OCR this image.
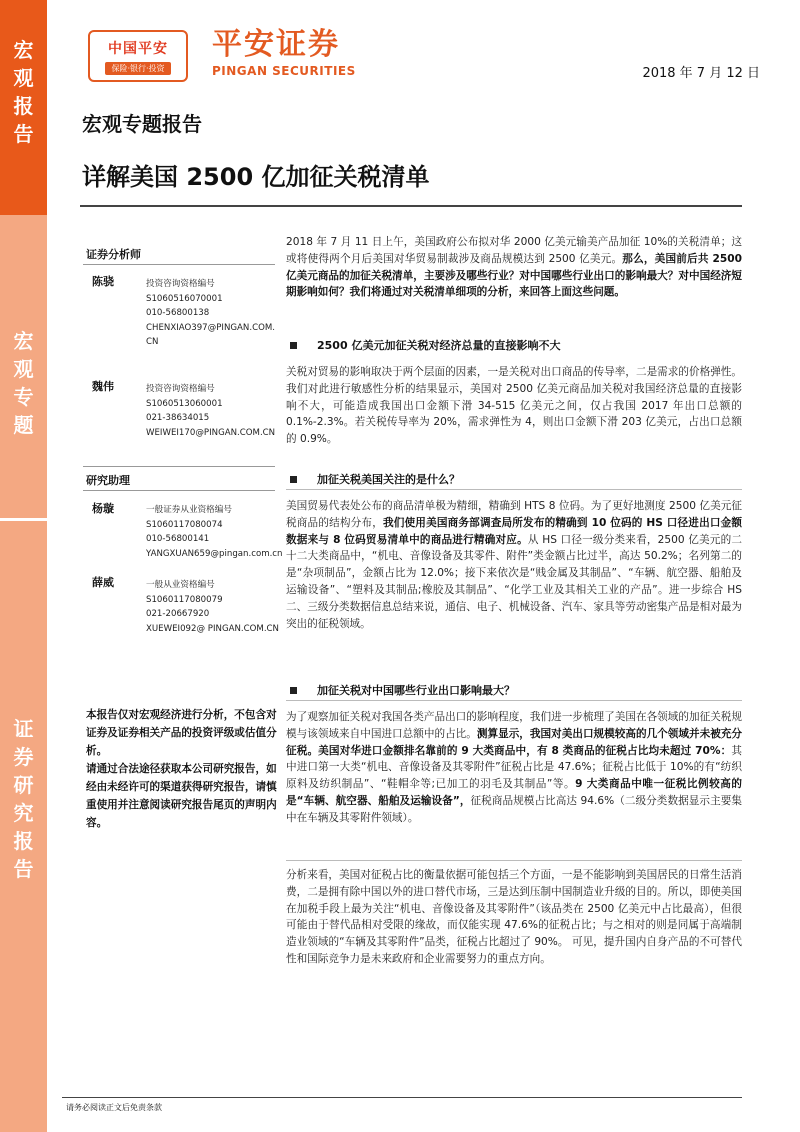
宏
观
报
告
宏
观
专
题
证
券
研
究
报
告
中国平安
保险·银行·投资
平安证券
PINGAN SECURITIES	2018 年 7 月 12 日
宏观专题报告
详解美国 2500 亿加征关税清单
证券分析师
陈骁	投资咨询资格编号
S1060516070001
010-56800138
CHENXIAO397@PINGAN.COM.
CN
魏伟	投资咨询资格编号
S1060513060001
021-38634015
WEIWEI170@PINGAN.COM.CN
研究助理
杨璇	一般证券从业资格编号
S1060117080074
010-56800141
YANGXUAN659@pingan.com.cn
薛威	一般从业资格编号
S1060117080079
021-20667920
XUEWEI092@ PINGAN.COM.CN
本报告仅对宏观经济进行分析，不包含对证券及证券相关产品的投资评级或估值分析。
请通过合法途径获取本公司研究报告，如经由未经许可的渠道获得研究报告，请慎重使用并注意阅读研究报告尾页的声明内容。
2018 年 7 月 11 日上午，美国政府公布拟对华 2000 亿美元输美产品加征 10%的关税清单；这或将使得两个月后美国对华贸易制裁涉及商品规模达到 2500 亿美元。那么，美国前后共 2500 亿美元商品的加征关税清单，主要涉及哪些行业？对中国哪些行业出口的影响最大？对中国经济短期影响如何？我们将通过对关税清单细项的分析，来回答上面这些问题。
2500 亿美元加征关税对经济总量的直接影响不大
关税对贸易的影响取决于两个层面的因素，一是关税对出口商品的传导率，二是需求的价格弹性。我们对此进行敏感性分析的结果显示，美国对 2500 亿美元商品加关税对我国经济总量的直接影响不大，可能造成我国出口金额下滑 34-515 亿美元之间，仅占我国 2017 年出口总额的 0.1%-2.3%。若关税传导率为 20%，需求弹性为 4，则出口金额下滑 203 亿美元，占出口总额的 0.9%。
加征关税美国关注的是什么？
美国贸易代表处公布的商品清单极为精细，精确到 HTS 8 位码。为了更好地测度 2500 亿美元征税商品的结构分布，我们使用美国商务部调查局所发布的精确到 10 位码的 HS 口径进出口金额数据来与 8 位码贸易清单中的商品进行精确对应。从 HS 口径一级分类来看，2500 亿美元的二十二大类商品中，“机电、音像设备及其零件、附件”类金额占比过半，高达 50.2%；名列第二的是“杂项制品”，金额占比为 12.0%；接下来依次是“贱金属及其制品”、“车辆、航空器、船舶及运输设备”、“塑料及其制品;橡胶及其制品”、“化学工业及其相关工业的产品”。进一步综合 HS 二、三级分类数据信息总结来说，通信、电子、机械设备、汽车、家具等劳动密集产品是相对最为突出的征税领域。
加征关税对中国哪些行业出口影响最大？
为了观察加征关税对我国各类产品出口的影响程度，我们进一步梳理了美国在各领域的加征关税规模与该领域来自中国进口总额中的占比。测算显示，我国对美出口规模较高的几个领域并未被充分征税。美国对华进口金额排名靠前的 9 大类商品中，有 8 类商品的征税占比均未超过 70%：其中进口第一大类“机电、音像设备及其零附件”征税占比是 47.6%；征税占比低于 10%的有“纺织原料及纺织制品”、“鞋帽伞等;已加工的羽毛及其制品”等。9 大类商品中唯一征税比例较高的是“车辆、航空器、船舶及运输设备”，征税商品规模占比高达 94.6%（二级分类数据显示主要集中在车辆及其零附件领域）。
分析来看，美国对征税占比的衡量依据可能包括三个方面，一是不能影响到美国居民的日常生活消费，二是拥有除中国以外的进口替代市场，三是达到压制中国制造业升级的目的。所以，即使美国在加税手段上最为关注“机电、音像设备及其零附件”（该品类在 2500 亿美元中占比最高），但很可能由于替代品相对受限的缘故，而仅能实现 47.6%的征税占比；与之相对的则是同属于高端制造业领域的“车辆及其零附件”品类，征税占比超过了 90%。 可见，提升国内自身产品的不可替代性和国际竞争力是未来政府和企业需要努力的重点方向。
请务必阅读正文后免责条款
